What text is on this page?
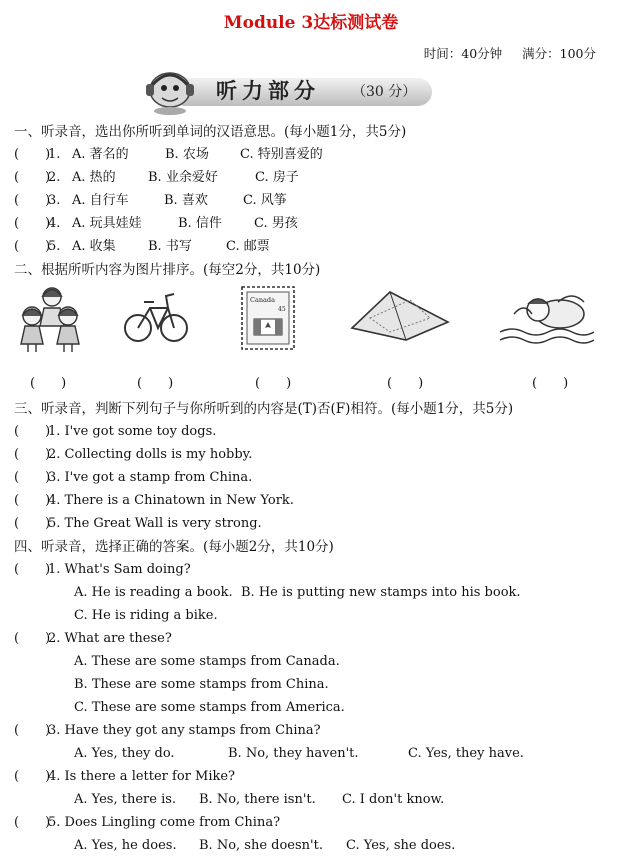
Module 3达标测试卷
时间：40分钟 满分：100分
听力部分 （30 分）
一、听录音，选出你所听到单词的汉语意思。(每小题1分，共5分)
(　　)
1. A. 著名的	B. 农场 C. 特别喜爱的
(　　)
2. A. 热的 B. 业余爱好	C. 房子
(　　)
3. A. 自行车	B. 喜欢	C. 风筝
(　　)
4. A. 玩具娃娃	B. 信件 C. 男孩
(　　)
5. A. 收集 B. 书写	C. 邮票
二、根据所听内容为图片排序。(每空2分，共10分)
Canada
45
(　　)	(　　)	(　　)	(　　)	(　　)
三、听录音，判断下列句子与你所听到的内容是(T)否(F)相符。(每小题1分，共5分)
(　　)
1. I've got some toy dogs.
(　　)
2. Collecting dolls is my hobby.
(　　)
3. I've got a stamp from China.
(　　)
4. There is a Chinatown in New York.
(　　)
5. The Great Wall is very strong.
四、听录音，选择正确的答案。(每小题2分，共10分)
(　　)
1. What's Sam doing?
A. He is reading a book. B. He is putting new stamps into his book.
C. He is riding a bike.
(　　)
2. What are these?
A. These are some stamps from Canada.
B. These are some stamps from China.
C. These are some stamps from America.
(　　)
3. Have they got any stamps from China?
A. Yes, they do.	B. No, they haven't.	C. Yes, they have.
(　　)
4. Is there a letter for Mike?
A. Yes, there is. B. No, there isn't. C. I don't know.
(　　)
5. Does Lingling come from China?
A. Yes, he does. B. No, she doesn't. C. Yes, she does.
